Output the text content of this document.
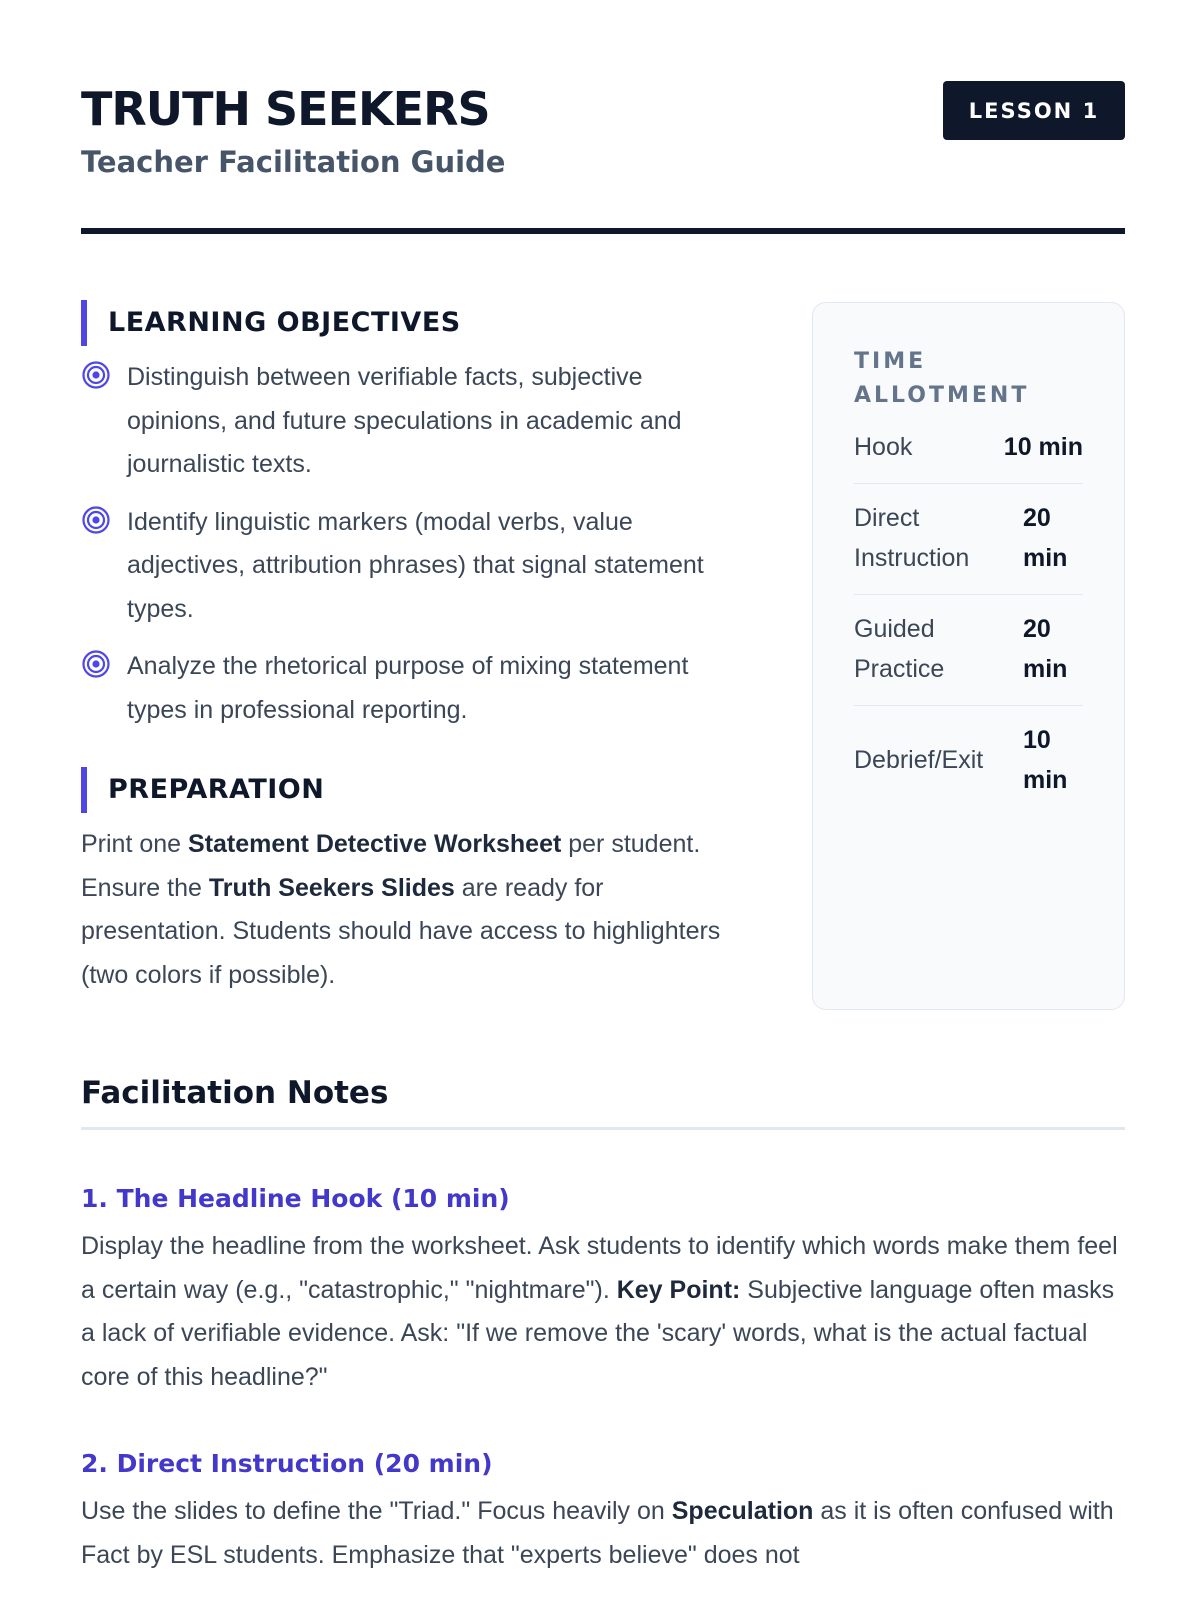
TRUTH SEEKERS
Teacher Facilitation Guide
LESSON 1
LEARNING OBJECTIVES
Distinguish between verifiable facts, subjective opinions, and future speculations in academic and journalistic texts.
Identify linguistic markers (modal verbs, value adjectives, attribution phrases) that signal statement types.
Analyze the rhetorical purpose of mixing statement types in professional reporting.
PREPARATION

Print one Statement Detective Worksheet per student. Ensure the Truth Seekers Slides are ready for presentation. Students should have access to highlighters (two colors if possible).

TIME ALLOTMENT
Hook	10 min
Direct Instruction
20 min
Guided Practice
20 min
Debrief/Exit
10 min
Facilitation Notes
1. The Headline Hook (10 min)

Display the headline from the worksheet. Ask students to identify which words make them feel a certain way (e.g., "catastrophic," "nightmare"). Key Point: Subjective language often masks a lack of verifiable evidence. Ask: "If we remove the 'scary' words, what is the actual factual core of this headline?"

2. Direct Instruction (20 min)

Use the slides to define the "Triad." Focus heavily on Speculation as it is often confused with Fact by ESL students. Emphasize that "experts believe" does not
